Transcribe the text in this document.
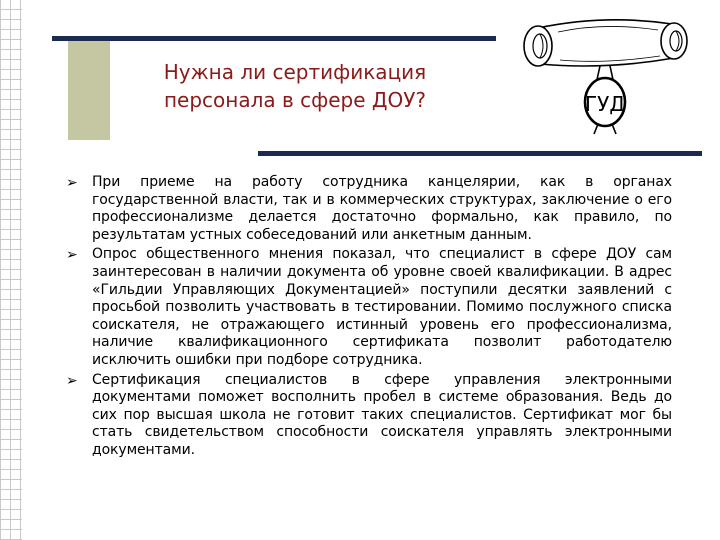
Нужна ли сертификация
персонала в сфере ДОУ?	ГУД
➢ При приеме на работу сотрудника канцелярии, как в органах государственной власти, так и в коммерческих структурах, заключение о его профессионализме делается достаточно формально, как правило, по результатам устных собеседований или анкетным данным.
➢ Опрос общественного мнения показал, что специалист в сфере ДОУ сам заинтересован в наличии документа об уровне своей квалификации. В адрес «Гильдии Управляющих Документацией» поступили десятки заявлений с просьбой позволить участвовать в тестировании. Помимо послужного списка соискателя, не отражающего истинный уровень его профессионализма, наличие квалификационного сертификата позволит работодателю исключить ошибки при подборе сотрудника.
➢ Сертификация специалистов в сфере управления электронными документами поможет восполнить пробел в системе образования. Ведь до сих пор высшая школа не готовит таких специалистов. Сертификат мог бы стать свидетельством способности соискателя управлять электронными документами.
